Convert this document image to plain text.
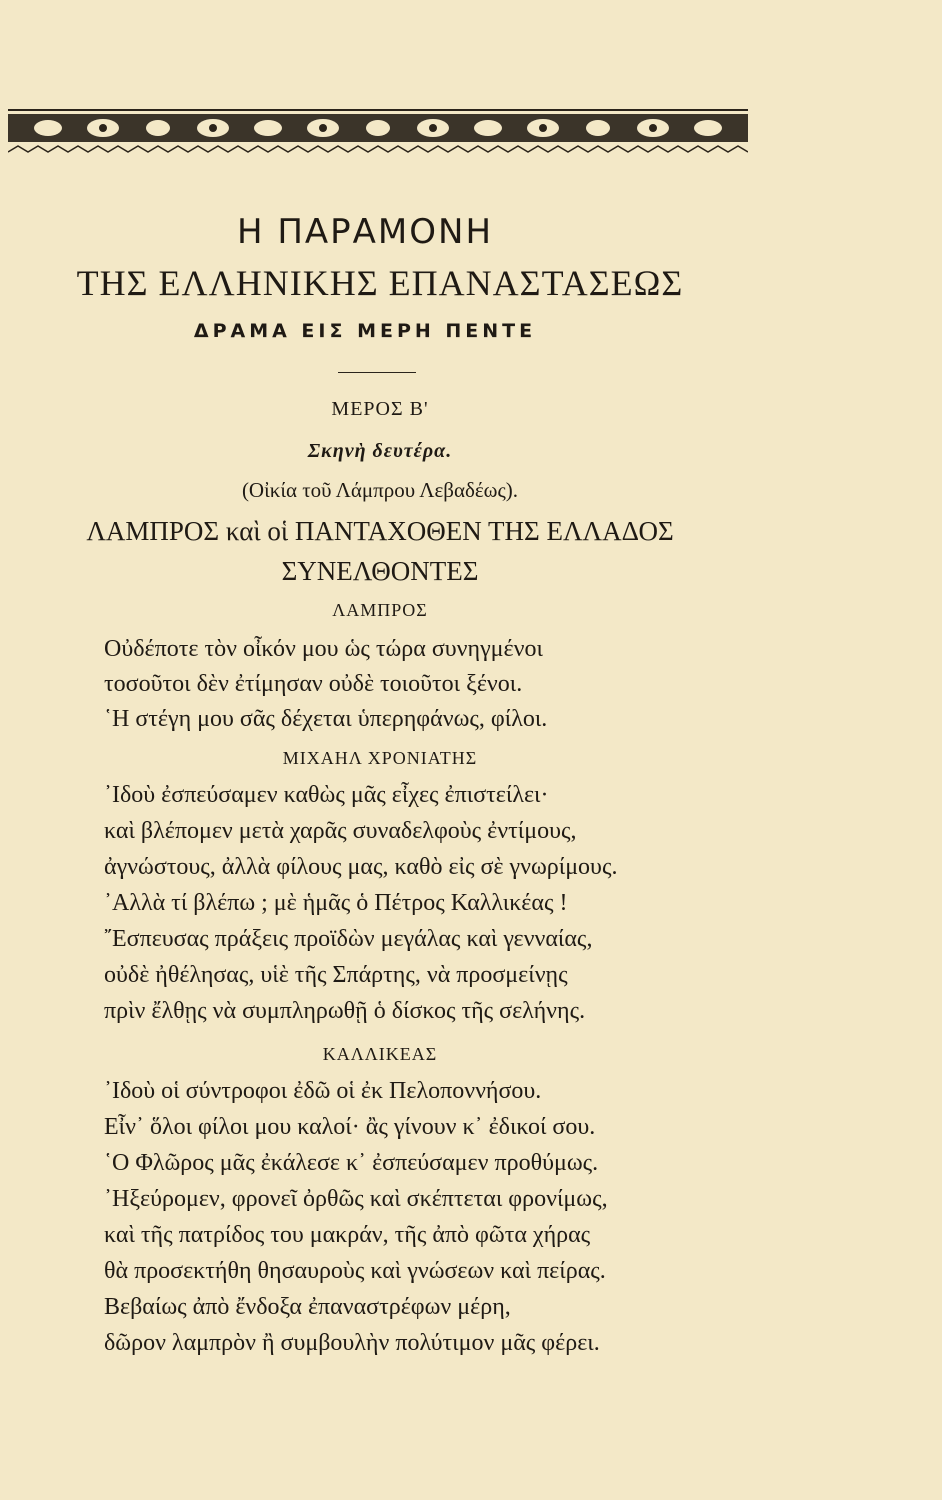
Η ΠΑΡΑΜΟΝΗ
ΤΗΣ ΕΛΛΗΝΙΚΗΣ ΕΠΑΝΑΣΤΑΣΕΩΣ
ΔΡΑΜΑ ΕΙΣ ΜΕΡΗ ΠΕΝΤΕ
ΜΕΡΟΣ Β'
Σκηνὴ δευτέρα.
(Οἰκία τοῦ Λάμπρου Λεβαδέως).
ΛΑΜΠΡΟΣ καὶ οἱ ΠΑΝΤΑΧΟΘΕΝ ΤΗΣ ΕΛΛΑΔΟΣ
ΣΥΝΕΛΘΟΝΤΕΣ
ΛΑΜΠΡΟΣ
Οὐδέποτε τὸν οἶκόν μου ὡς τώρα συνηγμένοι
τοσοῦτοι δὲν ἐτίμησαν οὐδὲ τοιοῦτοι ξένοι.
῾Η στέγη μου σᾶς δέχεται ὑπερηφάνως, φίλοι.
ΜΙΧΑΗΛ ΧΡΟΝΙΑΤΗΣ
᾿Ιδοὺ ἐσπεύσαμεν καθὼς μᾶς εἶχες ἐπιστείλει·
καὶ βλέπομεν μετὰ χαρᾶς συναδελφοὺς ἐντίμους,
ἀγνώστους, ἀλλὰ φίλους μας, καθὸ εἰς σὲ γνωρίμους.
᾿Αλλὰ τί βλέπω ; μὲ ἡμᾶς ὁ Πέτρος Καλλικέας !
῎Εσπευσας πράξεις προϊδὼν μεγάλας καὶ γενναίας,
οὐδὲ ἠθέλησας, υἱὲ τῆς Σπάρτης, νὰ προσμείνῃς
πρὶν ἔλθῃς νὰ συμπληρωθῇ ὁ δίσκος τῆς σελήνης.
ΚΑΛΛΙΚΕΑΣ
᾿Ιδοὺ οἱ σύντροφοι ἐδῶ οἱ ἐκ Πελοποννήσου.
Εἶν᾿ ὅλοι φίλοι μου καλοί· ἂς γίνουν κ᾿ ἐδικοί σου.
῾Ο Φλῶρος μᾶς ἐκάλεσε κ᾿ ἐσπεύσαμεν προθύμως.
᾿Ηξεύρομεν, φρονεῖ ὀρθῶς καὶ σκέπτεται φρονίμως,
καὶ τῆς πατρίδος του μακράν, τῆς ἀπὸ φῶτα χήρας
θὰ προσεκτήθη θησαυροὺς καὶ γνώσεων καὶ πείρας.
Βεβαίως ἀπὸ ἔνδοξα ἐπαναστρέφων μέρη,
δῶρον λαμπρὸν ἢ συμβουλὴν πολύτιμον μᾶς φέρει.
